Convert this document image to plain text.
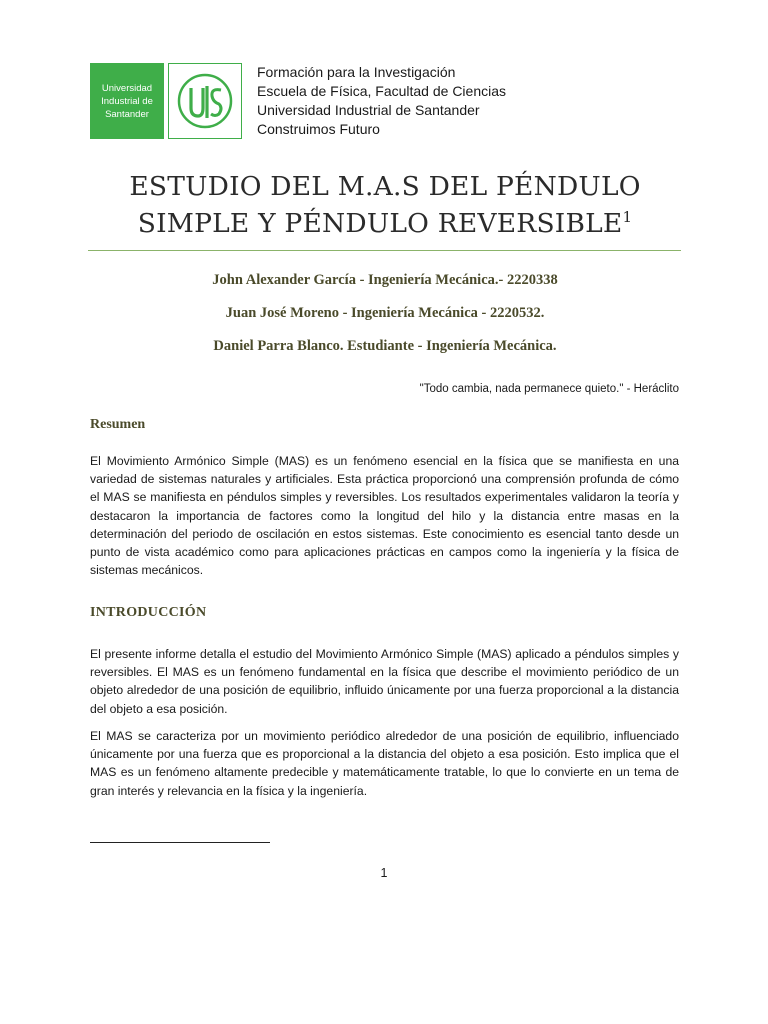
Universidad
Industrial de
Santander
Formación para la Investigación
Escuela de Física, Facultad de Ciencias
Universidad Industrial de Santander
Construimos Futuro
ESTUDIO DEL M.A.S DEL PÉNDULO
SIMPLE Y PÉNDULO REVERSIBLE$^1$
John Alexander García - Ingeniería Mecánica.- 2220338
Juan José Moreno - Ingeniería Mecánica - 2220532.
Daniel Parra Blanco. Estudiante - Ingeniería Mecánica.
"Todo cambia, nada permanece quieto." - Heráclito
Resumen
El Movimiento Armónico Simple (MAS) es un fenómeno esencial en la física que se manifiesta en una variedad de sistemas naturales y artificiales. Esta práctica proporcionó una comprensión profunda de cómo el MAS se manifiesta en péndulos simples y reversibles. Los resultados experimentales validaron la teoría y destacaron la importancia de factores como la longitud del hilo y la distancia entre masas en la determinación del periodo de oscilación en estos sistemas. Este conocimiento es esencial tanto desde un punto de vista académico como para aplicaciones prácticas en campos como la ingeniería y la física de sistemas mecánicos.
INTRODUCCIÓN
El presente informe detalla el estudio del Movimiento Armónico Simple (MAS) aplicado a péndulos simples y reversibles. El MAS es un fenómeno fundamental en la física que describe el movimiento periódico de un objeto alrededor de una posición de equilibrio, influido únicamente por una fuerza proporcional a la distancia del objeto a esa posición.
El MAS se caracteriza por un movimiento periódico alrededor de una posición de equilibrio, influenciado únicamente por una fuerza que es proporcional a la distancia del objeto a esa posición. Esto implica que el MAS es un fenómeno altamente predecible y matemáticamente tratable, lo que lo convierte en un tema de gran interés y relevancia en la física y la ingeniería.
1
